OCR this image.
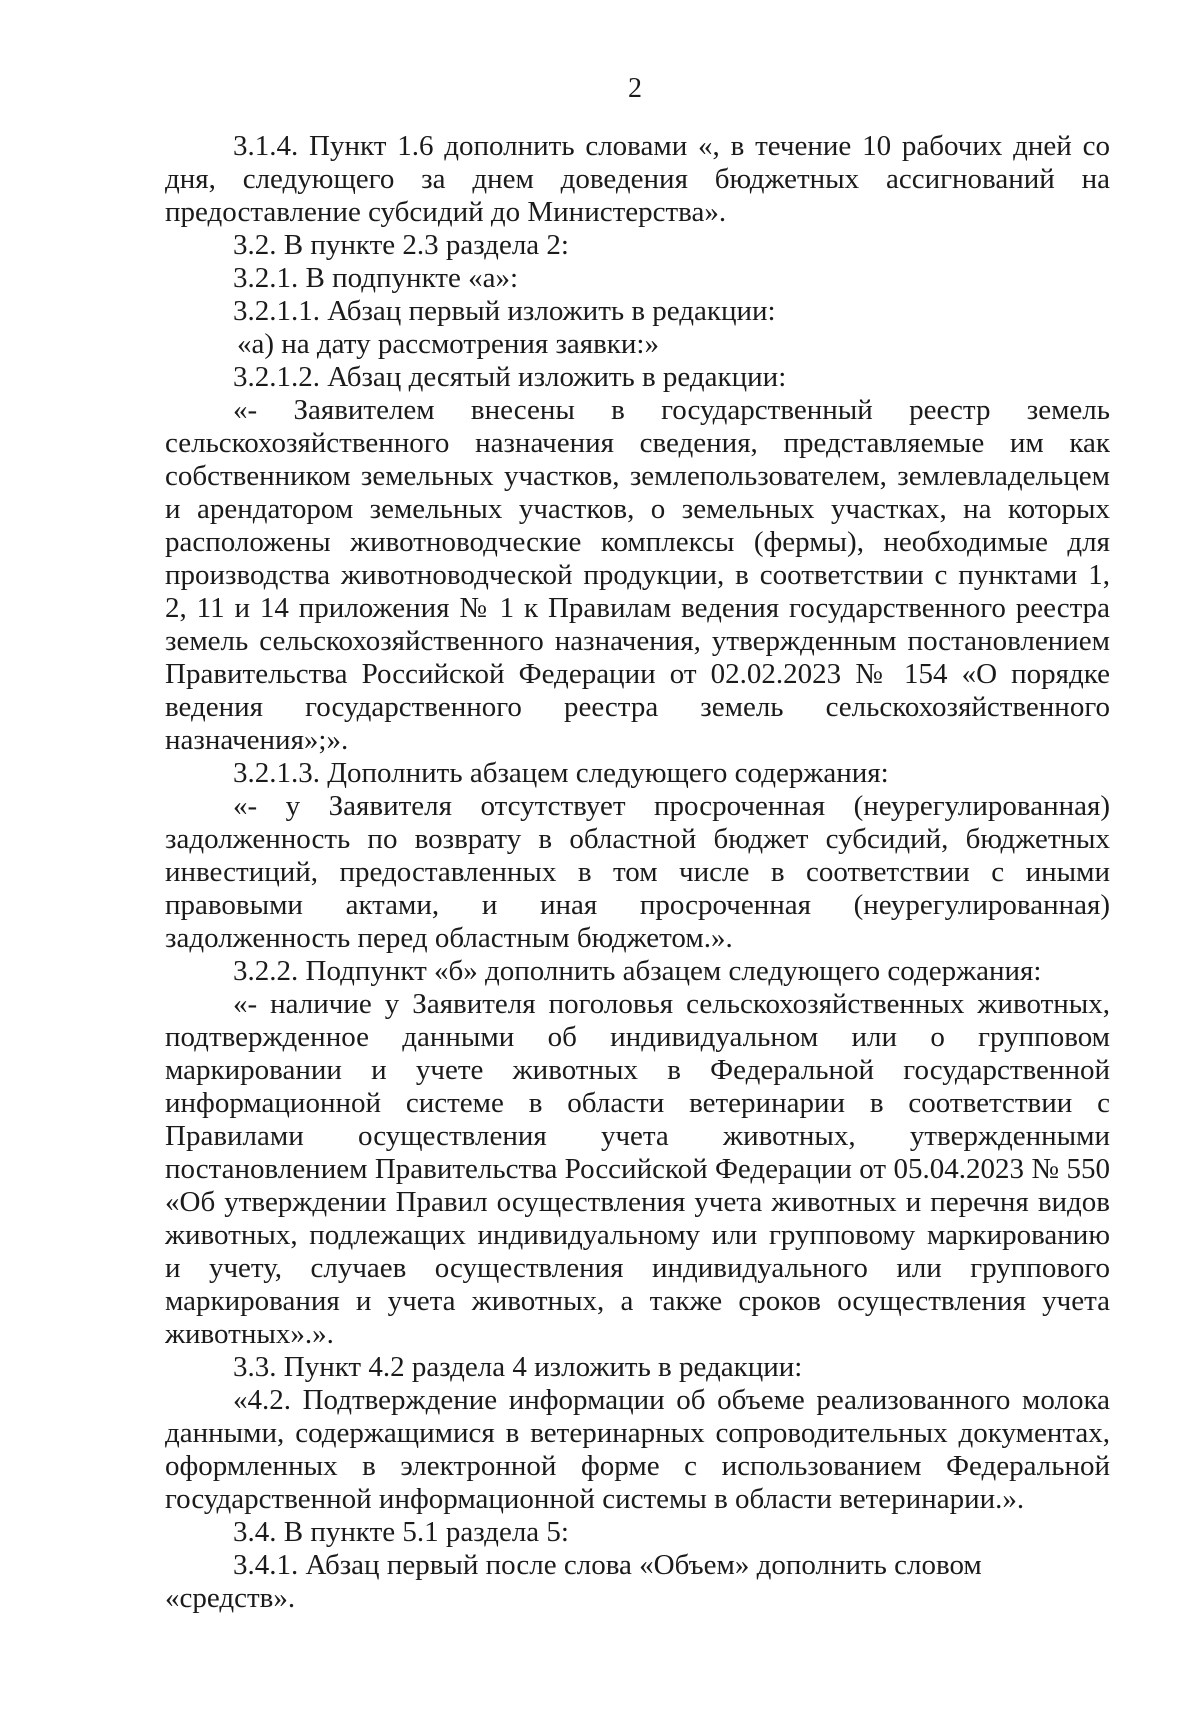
2

3.1.4. Пункт 1.6 дополнить словами «, в течение 10 рабочих дней со дня, следующего за днем доведения бюджетных ассигнований на предоставление субсидий до Министерства».

3.2. В пункте 2.3 раздела 2:

3.2.1. В подпункте «а»:

3.2.1.1. Абзац первый изложить в редакции:

«а) на дату рассмотрения заявки:»

3.2.1.2. Абзац десятый изложить в редакции:

«- Заявителем внесены в государственный реестр земель сельскохозяйственного назначения сведения, представляемые им как собственником земельных участков, землепользователем, землевладельцем и арендатором земельных участков, о земельных участках, на которых расположены животноводческие комплексы (фермы), необходимые для производства животноводческой продукции, в соответствии с пунктами 1, 2, 11 и 14 приложения № 1 к Правилам ведения государственного реестра земель сельскохозяйственного назначения, утвержденным постановлением Правительства Российской Федерации от 02.02.2023 № 154 «О порядке ведения государственного реестра земель сельскохозяйственного назначения»;».

3.2.1.3. Дополнить абзацем следующего содержания:

«- у Заявителя отсутствует просроченная (неурегулированная) задолженность по возврату в областной бюджет субсидий, бюджетных инвестиций, предоставленных в том числе в соответствии с иными правовыми актами, и иная просроченная (неурегулированная) задолженность перед областным бюджетом.».

3.2.2. Подпункт «б» дополнить абзацем следующего содержания:

«- наличие у Заявителя поголовья сельскохозяйственных животных, подтвержденное данными об индивидуальном или о групповом маркировании и учете животных в Федеральной государственной информационной системе в области ветеринарии в соответствии с Правилами осуществления учета животных, утвержденными постановлением Правительства Российской Федерации от 05.04.2023 № 550 «Об утверждении Правил осуществления учета животных и перечня видов животных, подлежащих индивидуальному или групповому маркированию и учету, случаев осуществления индивидуального или группового маркирования и учета животных, а также сроков осуществления учета животных».».

3.3. Пункт 4.2 раздела 4 изложить в редакции:

«4.2. Подтверждение информации об объеме реализованного молока данными, содержащимися в ветеринарных сопроводительных документах, оформленных в электронной форме с использованием Федеральной государственной информационной системы в области ветеринарии.».

3.4. В пункте 5.1 раздела 5:

3.4.1. Абзац первый после слова «Объем» дополнить словом «средств».
